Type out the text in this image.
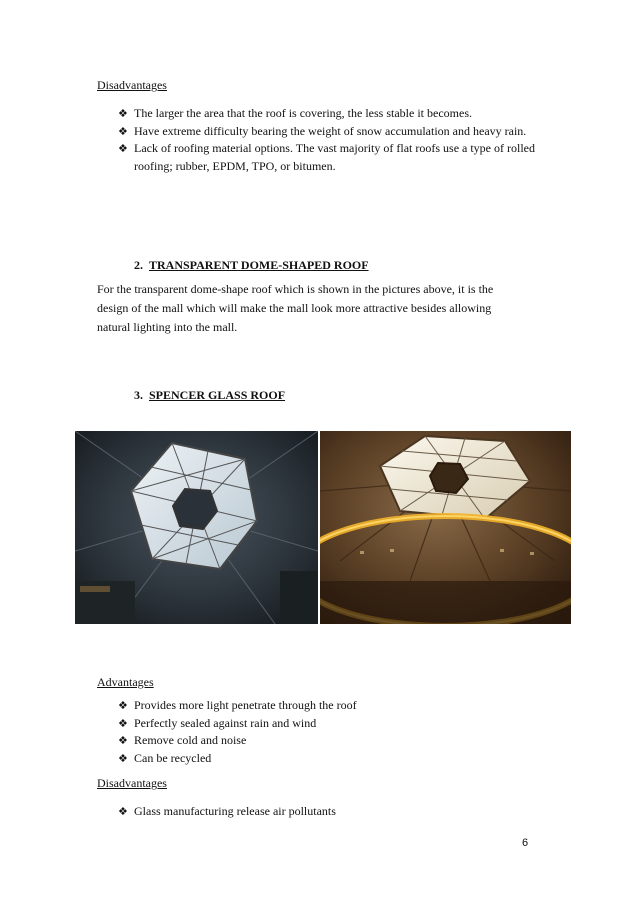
Disadvantages
❖ The larger the area that the roof is covering, the less stable it becomes.
❖ Have extreme difficulty bearing the weight of snow accumulation and heavy rain.
❖ Lack of roofing material options. The vast majority of flat roofs use a type of rolled roofing; rubber, EPDM, TPO, or bitumen.
2. TRANSPARENT DOME-SHAPED ROOF
For the transparent dome-shape roof which is shown in the pictures above, it is the design of the mall which will make the mall look more attractive besides allowing natural lighting into the mall.
3. SPENCER GLASS ROOF
Advantages
❖ Provides more light penetrate through the roof
❖ Perfectly sealed against rain and wind
❖ Remove cold and noise
❖ Can be recycled
Disadvantages
❖ Glass manufacturing release air pollutants
6
